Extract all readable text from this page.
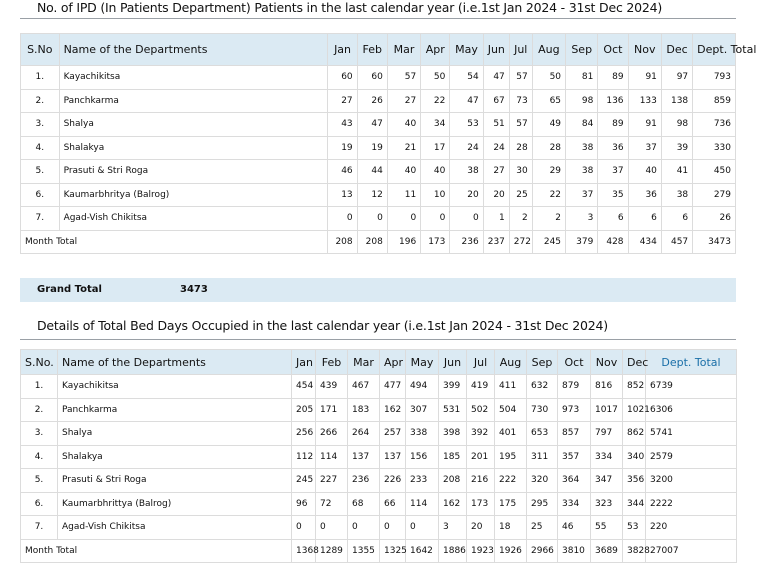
No. of IPD (In Patients Department) Patients in the last calendar year (i.e.1st Jan 2024 - 31st Dec 2024)
S.No	Name of the Departments	Jan	Feb	Mar	Apr	May	Jun	Jul	Aug	Sep	Oct	Nov	Dec	Dept. Total
1.	Kayachikitsa	60	60	57	50	54	47	57	50	81	89	91	97	793
2.	Panchkarma	27	26	27	22	47	67	73	65	98	136	133	138	859
3.	Shalya	43	47	40	34	53	51	57	49	84	89	91	98	736
4.	Shalakya	19	19	21	17	24	24	28	28	38	36	37	39	330
5.	Prasuti & Stri Roga	46	44	40	40	38	27	30	29	38	37	40	41	450
6.	Kaumarbhritya (Balrog)	13	12	11	10	20	20	25	22	37	35	36	38	279
7.	Agad-Vish Chikitsa	0	0	0	0	0	1	2	2	3	6	6	6	26
Month Total		208	208	196	173	236	237	272	245	379	428	434	457	3473
Grand Total	3473
Details of Total Bed Days Occupied in the last calendar year (i.e.1st Jan 2024 - 31st Dec 2024)
S.No.	Name of the Departments	Jan	Feb	Mar	Apr	May	Jun	Jul	Aug	Sep	Oct	Nov	Dec	Dept. Total
1.	Kayachikitsa	454	439	467	477	494	399	419	411	632	879	816	852	6739
2.	Panchkarma	205	171	183	162	307	531	502	504	730	973	1017	1021	6306
3.	Shalya	256	266	264	257	338	398	392	401	653	857	797	862	5741
4.	Shalakya	112	114	137	137	156	185	201	195	311	357	334	340	2579
5.	Prasuti & Stri Roga	245	227	236	226	233	208	216	222	320	364	347	356	3200
6.	Kaumarbhrittya (Balrog)	96	72	68	66	114	162	173	175	295	334	323	344	2222
7.	Agad-Vish Chikitsa	0	0	0	0	0	3	20	18	25	46	55	53	220
Month Total		1368	1289	1355	1325	1642	1886	1923	1926	2966	3810	3689	3828	27007
